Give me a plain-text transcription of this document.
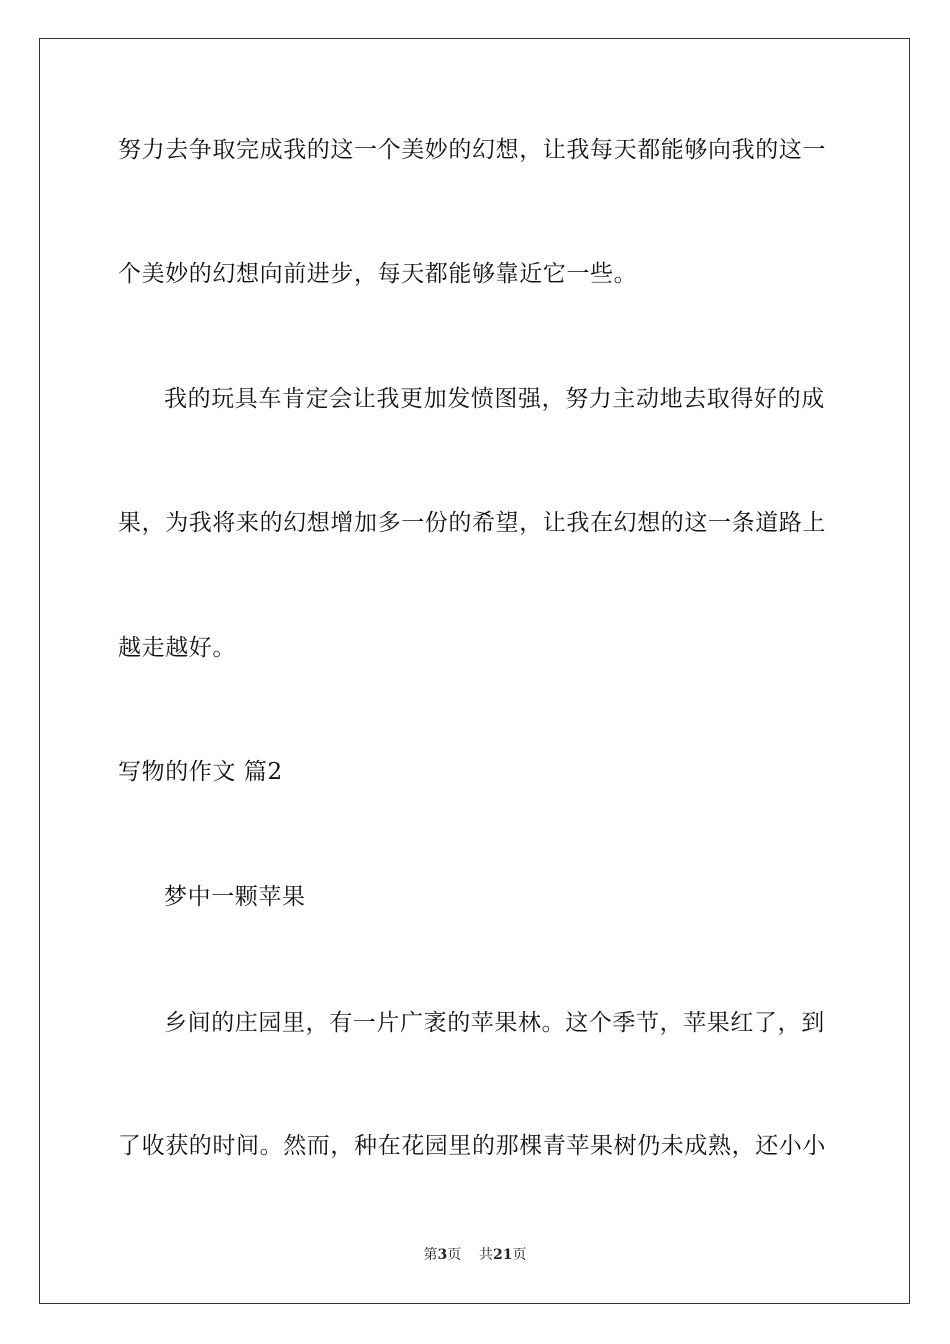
努力去争取完成我的这一个美妙的幻想，让我每天都能够向我的这一
个美妙的幻想向前进步，每天都能够靠近它一些。
我的玩具车肯定会让我更加发愤图强，努力主动地去取得好的成
果，为我将来的幻想增加多一份的希望，让我在幻想的这一条道路上
越走越好。
写物的作文 篇2
梦中一颗苹果
乡间的庄园里，有一片广袤的苹果林。这个季节，苹果红了，到
了收获的时间。然而，种在花园里的那棵青苹果树仍未成熟，还小小
第3页 共21页
